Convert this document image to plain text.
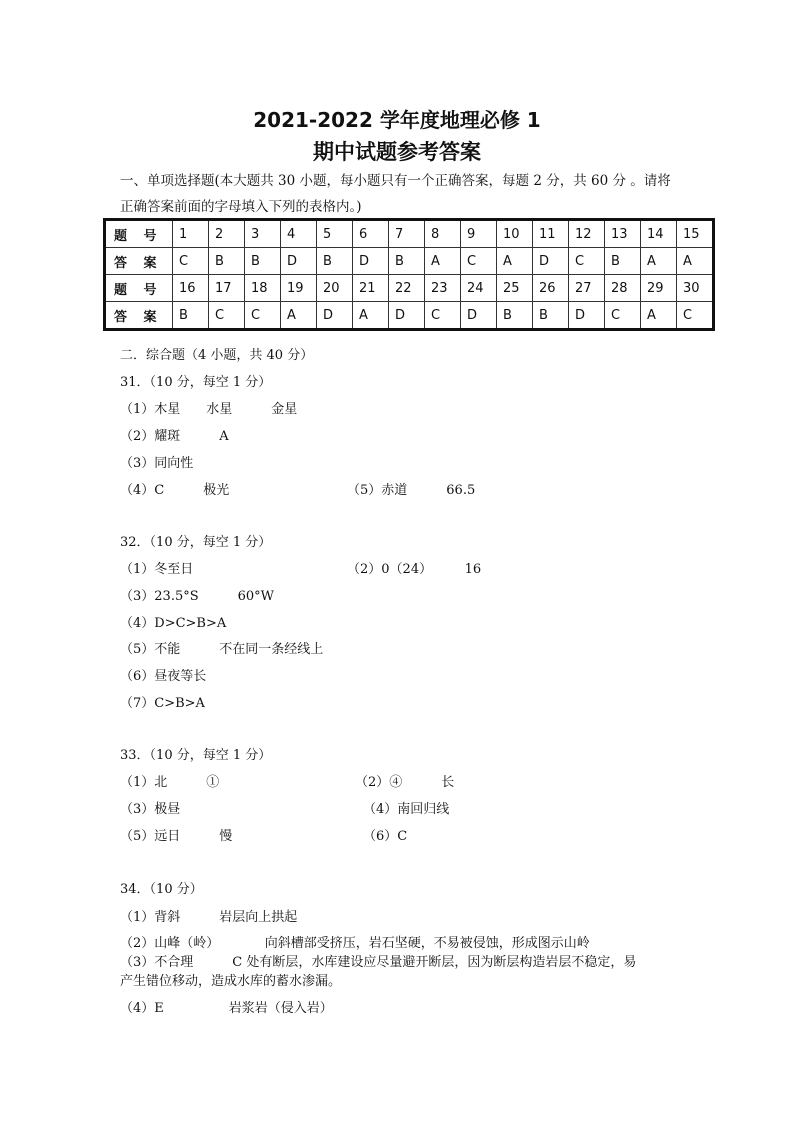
2021-2022 学年度地理必修 1
期中试题参考答案
一、单项选择题(本大题共 30 小题，每小题只有一个正确答案，每题 2 分，共 60 分 。请将
正确答案前面的字母填入下列的表格内。)
题 号	1	2	3	4	5	6	7	8	9	10	11	12	13	14	15
答 案	C	B	B	D	B	D	B	A	C	A	D	C	B	A	A
题 号	16	17	18	19	20	21	22	23	24	25	26	27	28	29	30
答 案	B	C	C	A	D	A	D	C	D	B	B	D	C	A	C
二．综合题（4 小题，共 40 分）
31．（10 分，每空 1 分）
（1）木星　　水星　　　金星
（2）耀斑　　　A
（3）同向性
（4）C　　　极光	（5）赤道　　　66.5
32．（10 分，每空 1 分）
（1）冬至日	（2）0（24）　　　16
（3）23.5°S　　　60°W
（4）D>C>B>A
（5）不能　　　不在同一条经线上
（6）昼夜等长
（7）C>B>A
33．（10 分，每空 1 分）
（1）北　　　①	（2）④　　　长
（3）极昼	（4）南回归线
（5）远日　　　慢	（6）C
34．（10 分）
（1）背斜　　　岩层向上拱起
（2）山峰（岭）　　　　向斜槽部受挤压，岩石坚硬，不易被侵蚀，形成图示山岭
（3）不合理　　　C 处有断层，水库建设应尽量避开断层，因为断层构造岩层不稳定，易
产生错位移动，造成水库的蓄水渗漏。
（4）E　　　　　岩浆岩（侵入岩）
